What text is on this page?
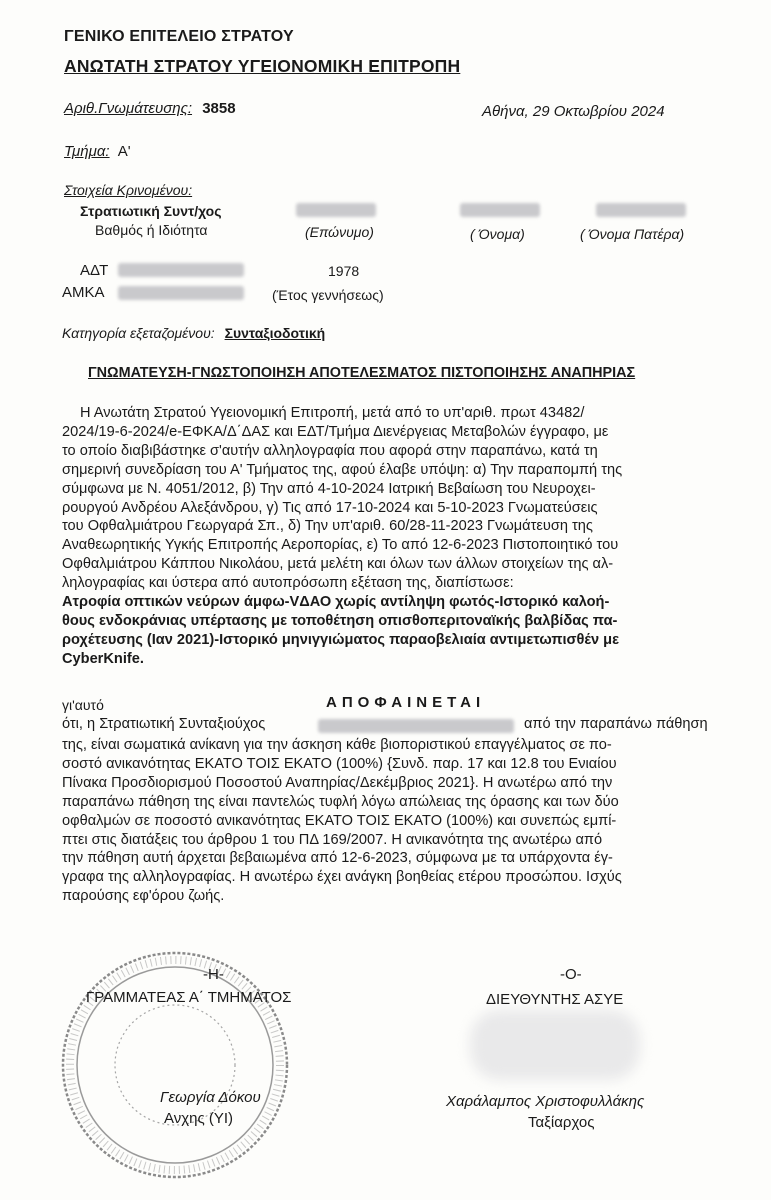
ΓΕΝΙΚΟ ΕΠΙΤΕΛΕΙΟ ΣΤΡΑΤΟΥ
ΑΝΩΤΑΤΗ ΣΤΡΑΤΟΥ ΥΓΕΙΟΝΟΜΙΚΗ ΕΠΙΤΡΟΠΗ
Αριθ.Γνωμάτευσης: 3858	Αθήνα, 29 Οκτωβρίου 2024
Τμήμα: Α'
Στοιχεία Κρινομένου:
Στρατιωτική Συντ/χος
Βαθμός ή Ιδιότητα	(Επώνυμο)	( Όνομα)	( Όνομα Πατέρα)
ΑΔΤ
ΑΜΚΑ
1978
(Έτος γεννήσεως)
Κατηγορία εξεταζομένου: Συνταξιοδοτική
ΓΝΩΜΑΤΕΥΣΗ-ΓΝΩΣΤΟΠΟΙΗΣΗ ΑΠΟΤΕΛΕΣΜΑΤΟΣ ΠΙΣΤΟΠΟΙΗΣΗΣ ΑΝΑΠΗΡΙΑΣ

Η Ανωτάτη Στρατού Υγειονομική Επιτροπή, μετά από το υπ'αριθ. πρωτ 43482/

2024/19-6-2024/e-ΕΦΚΑ/Δ΄ΔΑΣ και ΕΔΤ/Τμήμα Διενέργειας Μεταβολών έγγραφο, με

το οποίο διαβιβάστηκε σ'αυτήν αλληλογραφία που αφορά στην παραπάνω, κατά τη

σημερινή συνεδρίαση του Α' Τμήματος της, αφού έλαβε υπόψη: α) Την παραπομπή της

σύμφωνα με Ν. 4051/2012, β) Την από 4-10-2024 Ιατρική Βεβαίωση του Νευροχει-

ρουργού Ανδρέου Αλεξάνδρου, γ) Τις από 17-10-2024 και 5-10-2023 Γνωματεύσεις

του Οφθαλμιάτρου Γεωργαρά Σπ., δ) Την υπ'αριθ. 60/28-11-2023 Γνωμάτευση της

Αναθεωρητικής Υγκής Επιτροπής Αεροπορίας, ε) Το από 12-6-2023 Πιστοποιητικό του

Οφθαλμιάτρου Κάππου Νικολάου, μετά μελέτη και όλων των άλλων στοιχείων της αλ-

ληλογραφίας και ύστερα από αυτοπρόσωπη εξέταση της, διαπίστωσε:

Ατροφία οπτικών νεύρων άμφω-VΔΑΟ χωρίς αντίληψη φωτός-Ιστορικό καλοή-

θους ενδοκράνιας υπέρτασης με τοποθέτηση οπισθοπεριτοναϊκής βαλβίδας πα-

ροχέτευσης (Ιαν 2021)-Ιστορικό μηνιγγιώματος παραοβελιαία αντιμετωπισθέν με

CyberKnife.

γι'αυτό	ΑΠΟΦΑΙΝΕΤΑΙ
ότι, η Στρατιωτική Συνταξιούχος	από την παραπάνω πάθηση

της, είναι σωματικά ανίκανη για την άσκηση κάθε βιοποριστικού επαγγέλματος σε πο-

σοστό ανικανότητας ΕΚΑΤΟ ΤΟΙΣ ΕΚΑΤΟ (100%) {Συνδ. παρ. 17 και 12.8 του Ενιαίου

Πίνακα Προσδιορισμού Ποσοστού Αναπηρίας/Δεκέμβριος 2021}. Η ανωτέρω από την

παραπάνω πάθηση της είναι παντελώς τυφλή λόγω απώλειας της όρασης και των δύο

οφθαλμών σε ποσοστό ανικανότητας ΕΚΑΤΟ ΤΟΙΣ ΕΚΑΤΟ (100%) και συνεπώς εμπί-

πτει στις διατάξεις του άρθρου 1 του ΠΔ 169/2007. Η ανικανότητα της ανωτέρω από

την πάθηση αυτή άρχεται βεβαιωμένα από 12-6-2023, σύμφωνα με τα υπάρχοντα έγ-

γραφα της αλληλογραφίας. Η ανωτέρω έχει ανάγκη βοηθείας ετέρου προσώπου. Ισχύς

παρούσης εφ'όρου ζωής.

-Η-	-Ο-
ΓΡΑΜΜΑΤΕΑΣ Α΄ ΤΜΗΜΑΤΟΣ	ΔΙΕΥΘΥΝΤΗΣ ΑΣΥΕ
Γεωργία Δόκου
Ανχης (ΥΙ)
Χαράλαμπος Χριστοφυλλάκης
Ταξίαρχος
